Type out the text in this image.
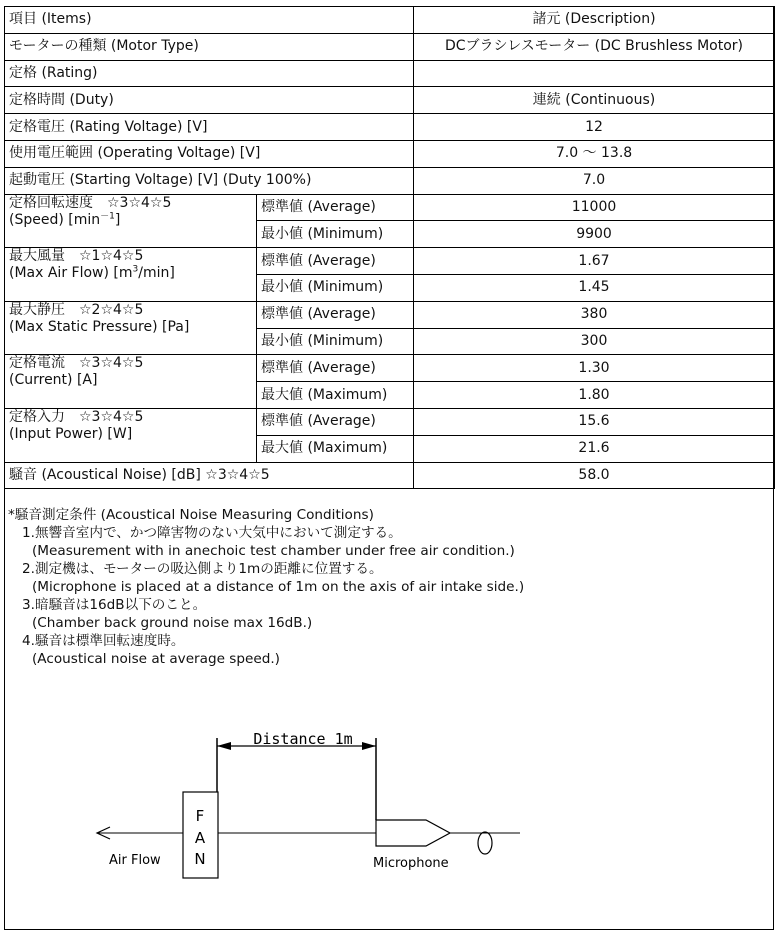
項目 (Items)		諸元 (Description)
モーターの種類 (Motor Type)		DCブラシレスモーター (DC Brushless Motor)
定格 (Rating)		
定格時間 (Duty)		連続 (Continuous)
定格電圧 (Rating Voltage) [V]		12
使用電圧範囲 (Operating Voltage) [V]		7.0 ～ 13.8
起動電圧 (Starting Voltage) [V] (Duty 100%)		7.0

定格回転速度　☆3☆4☆5
(Speed) $[\min^{-1}]$	標準値 (Average)	11000
	最小値 (Minimum)	9900

最大風量　☆1☆4☆5
(Max Air Flow) $[m^3/\min]$	標準値 (Average)	1.67
	最小値 (Minimum)	1.45

最大静圧　☆2☆4☆5
(Max Static Pressure) [Pa]	標準値 (Average)	380
	最小値 (Minimum)	300

定格電流　☆3☆4☆5
(Current) [A]	標準値 (Average)	1.30
	最大値 (Maximum)	1.80

定格入力　☆3☆4☆5
(Input Power) [W]	標準値 (Average)	15.6
	最大値 (Maximum)	21.6
騒音 (Acoustical Noise) [dB] ☆3☆4☆5		58.0
*騒音測定条件 (Acoustical Noise Measuring Conditions)
1.無響音室内で、かつ障害物のない大気中において測定する。
(Measurement with in anechoic test chamber under free air condition.)
2.測定機は、モーターの吸込側より1mの距離に位置する。
(Microphone is placed at a distance of 1m on the axis of air intake side.)
3.暗騒音は16dB以下のこと。
(Chamber back ground noise max 16dB.)
4.騒音は標準回転速度時。
(Acoustical noise at average speed.)
Distance 1m
F
A
N
Air Flow	Microphone
